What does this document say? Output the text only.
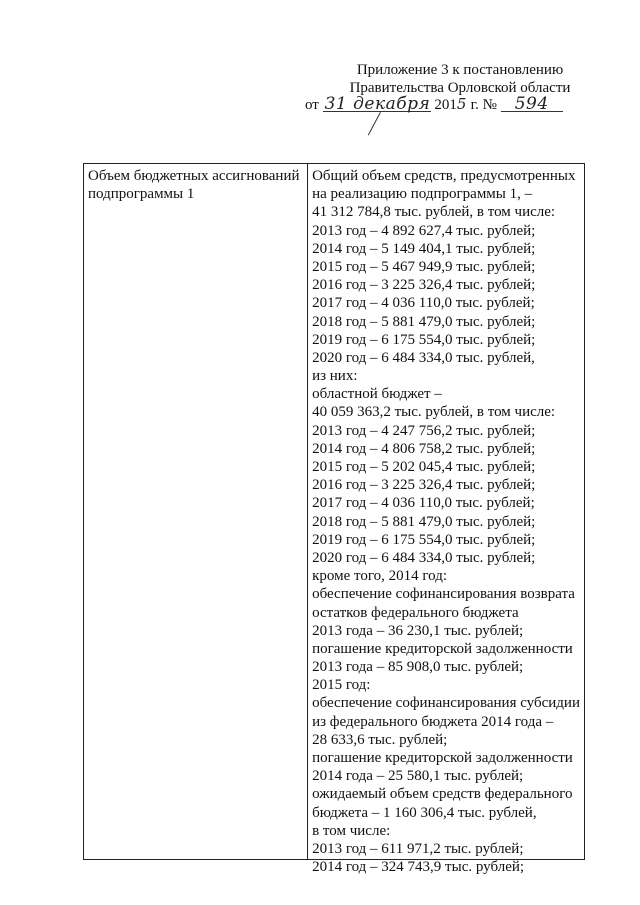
Приложение 3 к постановлению
Правительства Орловской области
от 31 декабря 2015 г. № 594
Объем бюджетных ассигнований подпрограммы 1
Общий объем средств, предусмотренных
на реализацию подпрограммы 1, –
41 312 784,8 тыс. рублей, в том числе:
2013 год – 4 892 627,4 тыс. рублей;
2014 год – 5 149 404,1 тыс. рублей;
2015 год – 5 467 949,9 тыс. рублей;
2016 год – 3 225 326,4 тыс. рублей;
2017 год – 4 036 110,0 тыс. рублей;
2018 год – 5 881 479,0 тыс. рублей;
2019 год – 6 175 554,0 тыс. рублей;
2020 год – 6 484 334,0 тыс. рублей,
из них:
областной бюджет –
40 059 363,2 тыс. рублей, в том числе:
2013 год – 4 247 756,2 тыс. рублей;
2014 год – 4 806 758,2 тыс. рублей;
2015 год – 5 202 045,4 тыс. рублей;
2016 год – 3 225 326,4 тыс. рублей;
2017 год – 4 036 110,0 тыс. рублей;
2018 год – 5 881 479,0 тыс. рублей;
2019 год – 6 175 554,0 тыс. рублей;
2020 год – 6 484 334,0 тыс. рублей;
кроме того, 2014 год:
обеспечение софинансирования возврата
остатков федерального бюджета
2013 года – 36 230,1 тыс. рублей;
погашение кредиторской задолженности
2013 года – 85 908,0 тыс. рублей;
2015 год:
обеспечение софинансирования субсидии
из федерального бюджета 2014 года –
28 633,6 тыс. рублей;
погашение кредиторской задолженности
2014 года – 25 580,1 тыс. рублей;
ожидаемый объем средств федерального
бюджета – 1 160 306,4 тыс. рублей,
в том числе:
2013 год – 611 971,2 тыс. рублей;
2014 год – 324 743,9 тыс. рублей;
